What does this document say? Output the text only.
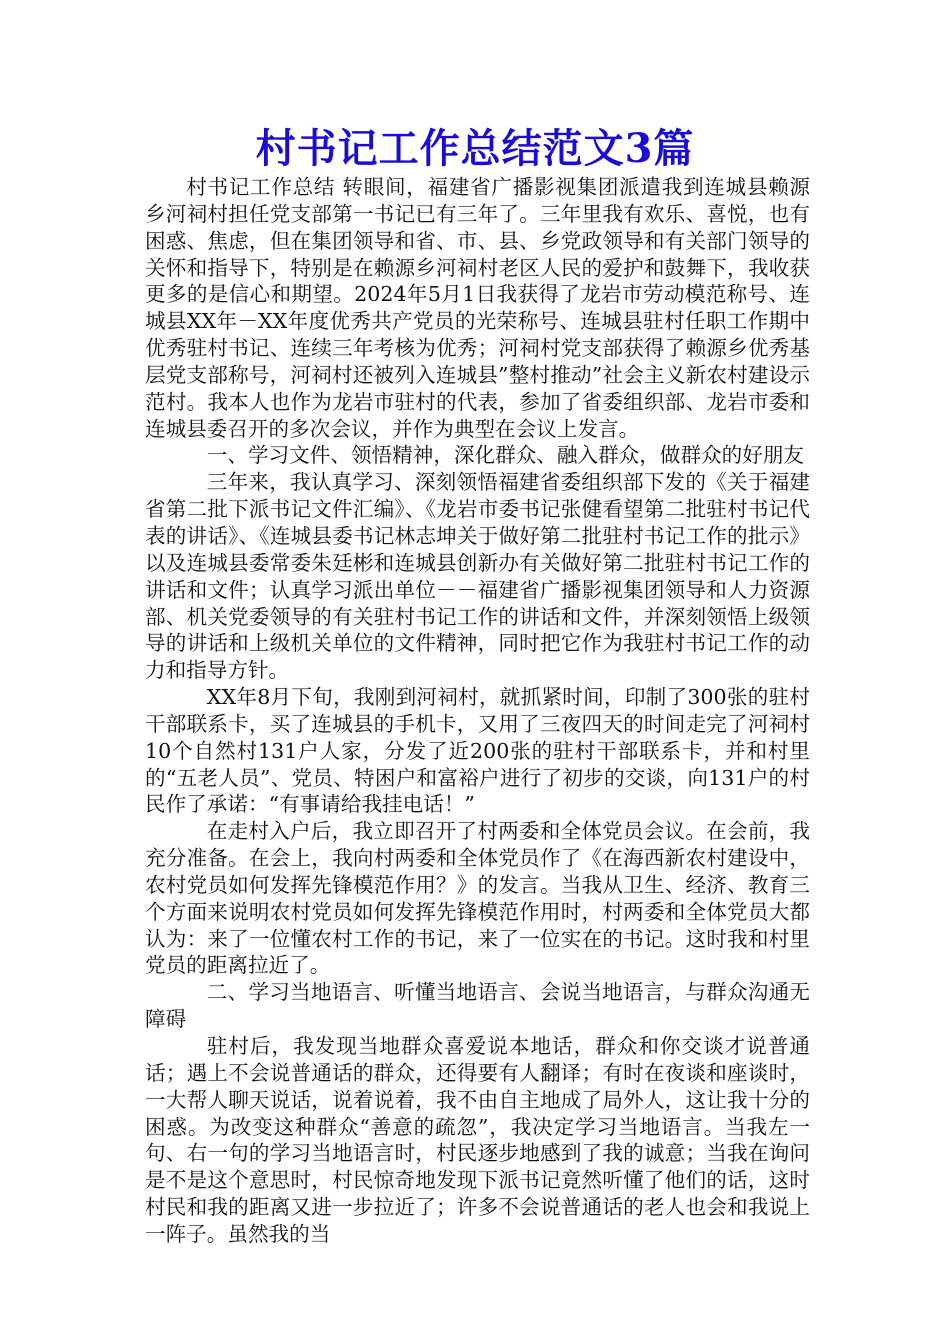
村书记工作总结范文3篇

村书记工作总结 转眼间，福建省广播影视集团派遣我到连城县赖源乡河祠村担任党支部第一书记已有三年了。三年里我有欢乐、喜悦，也有困惑、焦虑，但在集团领导和省、市、县、乡党政领导和有关部门领导的关怀和指导下，特别是在赖源乡河祠村老区人民的爱护和鼓舞下，我收获更多的是信心和期望。2024年5月1日我获得了龙岩市劳动模范称号、连城县XX年－XX年度优秀共产党员的光荣称号、连城县驻村任职工作期中优秀驻村书记、连续三年考核为优秀；河祠村党支部获得了赖源乡优秀基层党支部称号，河祠村还被列入连城县”整村推动”社会主义新农村建设示范村。我本人也作为龙岩市驻村的代表，参加了省委组织部、龙岩市委和连城县委召开的多次会议，并作为典型在会议上发言。

一、学习文件、领悟精神，深化群众、融入群众，做群众的好朋友

三年来，我认真学习、深刻领悟福建省委组织部下发的《关于福建省第二批下派书记文件汇编》、《龙岩市委书记张健看望第二批驻村书记代表的讲话》、《连城县委书记林志坤关于做好第二批驻村书记工作的批示》以及连城县委常委朱廷彬和连城县创新办有关做好第二批驻村书记工作的讲话和文件；认真学习派出单位－－福建省广播影视集团领导和人力资源部、机关党委领导的有关驻村书记工作的讲话和文件，并深刻领悟上级领导的讲话和上级机关单位的文件精神，同时把它作为我驻村书记工作的动力和指导方针。

XX年8月下旬，我刚到河祠村，就抓紧时间，印制了300张的驻村干部联系卡，买了连城县的手机卡，又用了三夜四天的时间走完了河祠村10个自然村131户人家，分发了近200张的驻村干部联系卡，并和村里的“五老人员”、党员、特困户和富裕户进行了初步的交谈，向131户的村民作了承诺：“有事请给我挂电话！”

在走村入户后，我立即召开了村两委和全体党员会议。在会前，我充分准备。在会上，我向村两委和全体党员作了《在海西新农村建设中，农村党员如何发挥先锋模范作用？》的发言。当我从卫生、经济、教育三个方面来说明农村党员如何发挥先锋模范作用时，村两委和全体党员大都认为：来了一位懂农村工作的书记，来了一位实在的书记。这时我和村里党员的距离拉近了。

二、学习当地语言、听懂当地语言、会说当地语言，与群众沟通无障碍

驻村后，我发现当地群众喜爱说本地话，群众和你交谈才说普通话；遇上不会说普通话的群众，还得要有人翻译；有时在夜谈和座谈时，一大帮人聊天说话，说着说着，我不由自主地成了局外人，这让我十分的困惑。为改变这种群众“善意的疏忽”，我决定学习当地语言。当我左一句、右一句的学习当地语言时，村民逐步地感到了我的诚意；当我在询问是不是这个意思时，村民惊奇地发现下派书记竟然听懂了他们的话，这时村民和我的距离又进一步拉近了；许多不会说普通话的老人也会和我说上一阵子。虽然我的当
